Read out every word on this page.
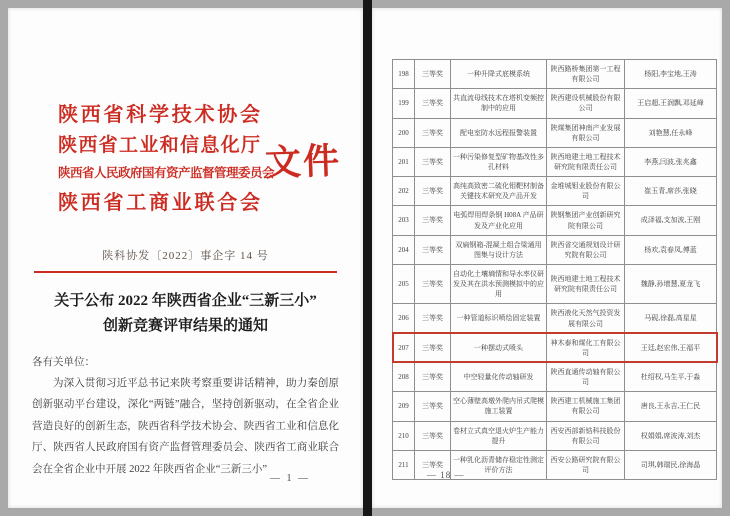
陕西省科学技术协会
陕西省工业和信息化厅
陕西省人民政府国有资产监督管理委员会
陕西省工商业联合会
文件
陕科协发〔2022〕事企字 14 号
关于公布 2022 年陕西省企业“三新三小”
创新竞赛评审结果的通知
各有关单位：
为深入贯彻习近平总书记来陕考察重要讲话精神，助力秦创原创新驱动平台建设，深化“两链”融合，坚持创新驱动，在全省企业营造良好的创新生态，陕西省科学技术协会、陕西省工业和信息化厅、陕西省人民政府国有资产监督管理委员会、陕西省工商业联合会在全省企业中开展 2022 年陕西省企业“三新三小”
— 1 —
198	三等奖	一种升降式底模系统	陕西路桥集团第一工程有限公司	杨阳,李宝地,王涛
199	三等奖	共直流母线技术在塔机变频控制中的应用	陕西建设机械股份有限公司	王启超,王润飘,邓延峰
200	三等奖	配电室防水远程报警装置	陕煤集团神南产业发展有限公司	刘艳慧,任永峰
201	三等奖	一种污染修复型矿物基改性多孔材料	陕西地建土地工程技术研究院有限责任公司	李燕,闫波,张兆鑫
202	三等奖	高纯高致密二硫化钼靶材制备关键技术研究及产品开发	金堆城钼业股份有限公司	崔玉青,席莎,张晓
203	三等奖	电弧焊用焊条钢 H08A 产品研发及产业化应用	陕钢集团产业创新研究院有限公司	成泽福,支加波,王刚
204	三等奖	双扁钢箱-混凝土组合梁通用图集与设计方法	陕西省交通规划设计研究院有限公司	杨欢,袁春凤,傅蓝
205	三等奖	自动化土壤墒情和导水率仪研发及其在洪水预测模拟中的应用	陕西地建土地工程技术研究院有限责任公司	魏静,孙增慧,夏龙飞
206	三等奖	一种管道标识喷绘固定装置	陕西液化天然气投资发展有限公司	马砚,徐磊,高星星
207	三等奖	一种摆动式喷头	神木泰和煤化工有限公司	王廷,赵宏伟,王福平
208	三等奖	中空轻量化传动轴研发	陕西直通传动轴有限公司	杜绍权,马生平,于淼
209	三等奖	空心薄壁高墩外爬内吊式爬模施工装置	陕西建工机械施工集团有限公司	唐良,王永吉,王仁民
210	三等奖	卷材立式真空退火炉生产能力提升	西安西部新锆科技股份有限公司	权娟娟,席波涛,刘杰
211	三等奖	一种乳化沥青储存稳定性测定评价方法	西安公路研究院有限公司	司琪,韩瑞民,徐海晶
— 18 —
